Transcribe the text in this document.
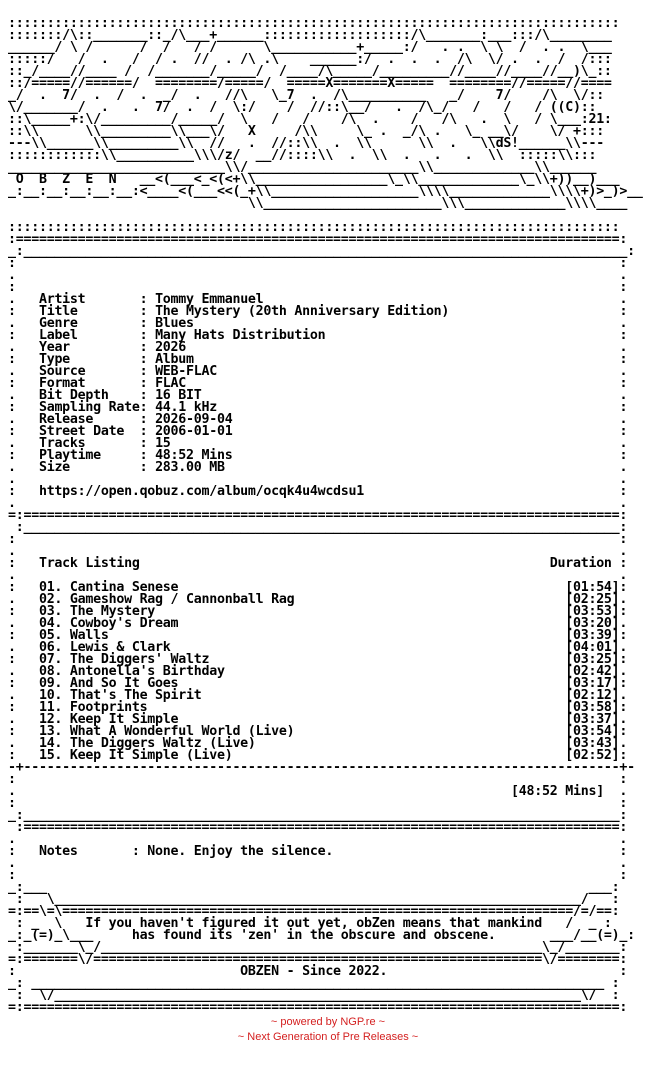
:::::::::::::::::::::::::::::::::::::::::::::::::::::::::::::::::::::::::::::::
:::::::/\::_______::_/\___+______:::::::::::::::::::/\_______:___:::/\________
______/ \ /      /  /   / /      \___________+_____:/   . .  \ \  /  . .  \___
:::::/   /  .   /  / .  //  . /\ .\    ______:/  .  .  .  /\  \/ .  .  /  /:::
::_/____//____ /  /_______/_____/  /____/\_____/_________//____//____//__)\_::
::/=====//======/  ========/=====/  =====X=======X=====  ========//=====//====
_/  .  7/  .  /  .  _/  .   //\   \_7  .  /\__________   _/    7/    /\  \/::
\/_______/  .   .  7/  .  /  \:/    /  //::\__/   .  /\_/   /   /   / ((C)::
::\_____+:\/_________/_____/  \   /   /    /\  .    /   /\   .  \   / \___:21:
::\\      \\_________\\___\/   X     /\\     \_ .  _/\ .   \_ __\/    \/ +:::
---\\______\\_________\\  //   .  //::\\  .  \\      \\  .   \\dS!______\\---
::::::::::::\\__________\\\/z/  __//::::\\  .  \\  .   .   .  \\  :::::\\:::
____________________________\\/______________________\\_____________\\______
O  B  Z  E  N   __<(___<_<(<+\\_________________\_\\_____________\_\\+))__)___
_:__:__:__:__:__:<____<(___<<(_+\\___________________\\\\_____________\\\\+)>_)>__
\\_______________________\\\_____________\\\\____

:::::::::::::::::::::::::::::::::::::::::::::::::::::::::::::::::::::::::::::::
:==============================================================================:
_:______________________________________________________________________________:
:                                                                              :
.                                                                              .
:                                                                              :
.   Artist       : Tommy Emmanuel                                              .
:   Title        : The Mystery (20th Anniversary Edition)                      :
.   Genre        : Blues                                                       .
:   Label        : Many Hats Distribution                                      :
.   Year         : 2026                                                        .
:   Type         : Album                                                       :
.   Source       : WEB-FLAC                                                    .
:   Format       : FLAC                                                        :
.   Bit Depth    : 16 BIT                                                      .
:   Sampling Rate: 44.1 kHz                                                    :
.   Release      : 2026-09-04                                                  .
:   Street Date  : 2006-01-01                                                  :
.   Tracks       : 15                                                          .
:   Playtime     : 48:52 Mins                                                  :
.   Size         : 283.00 MB                                                   .
.                                                                              .
:   https://open.qobuz.com/album/ocqk4u4wcdsu1                                 :
.                                                                              .
=:=============================================================================:
:_____________________________________________________________________________:
:                                                                              :
.                                                                              .
:   Track Listing                                                     Duration :
.                                                                              .
:   01. Cantina Senese                                                  [01:54]:
.   02. Gameshow Rag / Cannonball Rag                                   [02:25].
:   03. The Mystery                                                     [03:53]:
.   04. Cowboy's Dream                                                  [03:20].
:   05. Walls                                                           [03:39]:
.   06. Lewis & Clark                                                   [04:01].
:   07. The Diggers' Waltz                                              [03:25]:
.   08. Antonella's Birthday                                            [02:42].
:   09. And So It Goes                                                  [03:17]:
.   10. That's The Spirit                                               [02:12].
:   11. Footprints                                                      [03:58]:
.   12. Keep It Simple                                                  [03:37].
:   13. What A Wonderful World (Live)                                   [03:54]:
.   14. The Diggers Waltz (Live)                                        [03:43].
:   15. Keep It Simple (Live)                                           [02:52]:
-+-----------------------------------------------------------------------------+-
:                                                                              :
.                                                                [48:52 Mins]  .
:                                                                              :
_:_____________________________________________________________________________:
:=============================================================================:
.                                                                              .
:   Notes       : None. Enjoy the silence.                                     :
.                                                                              .
:                                                                              :
_:___                                                                      ___:
:   \____________________________________________________________________/   :
=:==\=\==================================================================/=/==:
: _  \   If you haven't figured it out yet, obZen means that mankind   /  _ :
_:_(=)_\___     has found its 'zen' in the obscure and obscene.       ___/__(=)_:
:_______\_/_________________________________________________________\_/_______:
=:=======\/==========================================================\/========:
:                             OBZEN - Since 2022.                              :
_: __________________________________________________________________________ :
:  \/____________________________________________________________________\/  :
=:=============================================================================:

~ powered by NGP.re ~
~ Next Generation of Pre Releases ~
